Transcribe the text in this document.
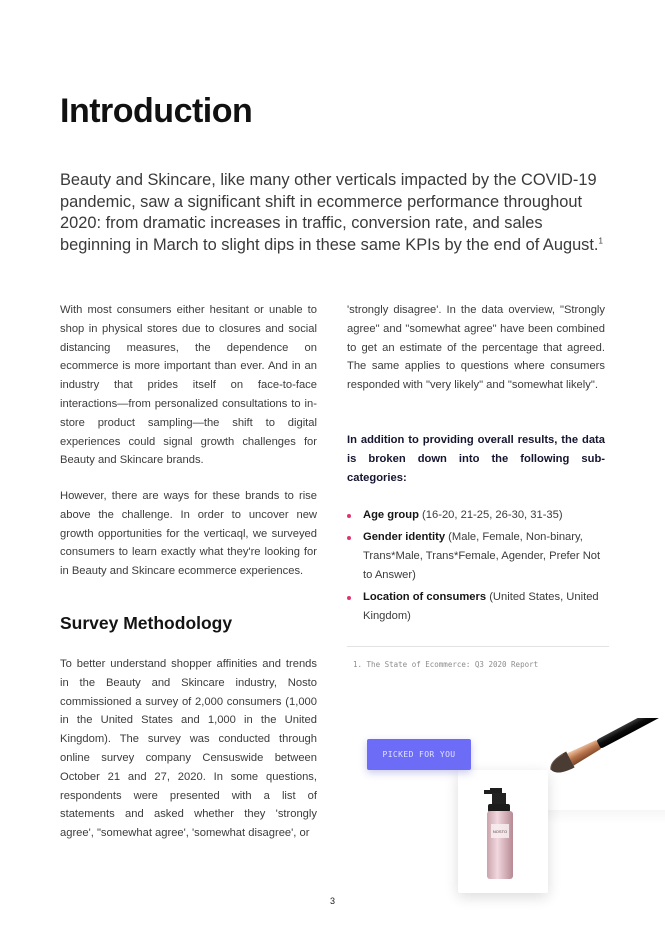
Introduction

Beauty and Skincare, like many other verticals impacted by the COVID-19 pandemic, saw a significant shift in ecommerce performance throughout 2020: from dramatic increases in traffic, conversion rate, and sales beginning in March to slight dips in these same KPIs by the end of August.$^1$

With most consumers either hesitant or unable to shop in physical stores due to closures and social distancing measures, the dependence on ecommerce is more important than ever. And in an industry that prides itself on face-to-face interactions—from personalized consultations to in-store product sampling—the shift to digital experiences could signal growth challenges for Beauty and Skincare brands.

However, there are ways for these brands to rise above the challenge. In order to uncover new growth opportunities for the verticaql, we surveyed consumers to learn exactly what they're looking for in Beauty and Skincare ecommerce experiences.

Survey Methodology

To better understand shopper affinities and trends in the Beauty and Skincare industry, Nosto commissioned a survey of 2,000 consumers (1,000 in the United States and 1,000 in the United Kingdom). The survey was conducted through online survey company Censuswide between October 21 and 27, 2020. In some questions, respondents were presented with a list of statements and asked whether they 'strongly agree', "somewhat agree', 'somewhat disagree', or

'strongly disagree'. In the data overview, "Strongly agree" and "somewhat agree" have been combined to get an estimate of the percentage that agreed. The same applies to questions where consumers responded with "very likely" and "somewhat likely".

In addition to providing overall results, the data is broken down into the following sub-categories:

Age group (16-20, 21-25, 26-30, 31-35)
Gender identity (Male, Female, Non-binary, Trans*Male, Trans*Female, Agender, Prefer Not to Answer)
Location of consumers (United States, United Kingdom)
1. The State of Ecommerce: Q3 2020 Report
NOSTO
PICKED FOR YOU
3
